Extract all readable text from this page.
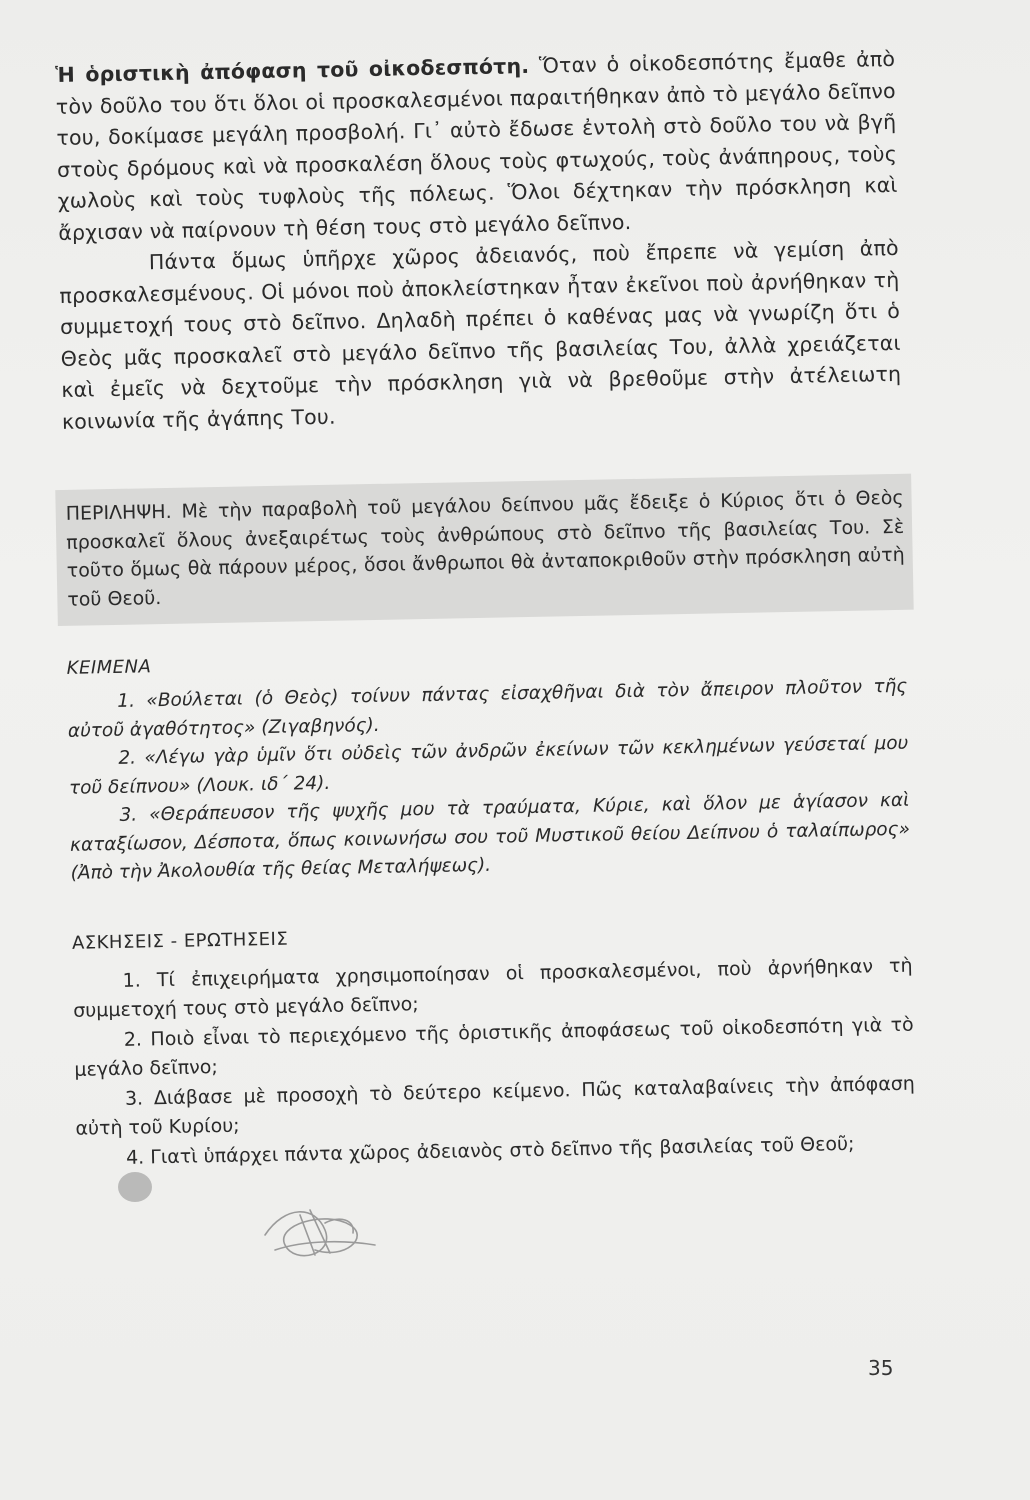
Ἡ ὁριστικὴ ἀπόφαση τοῦ οἰκοδεσπότη. Ὅταν ὁ οἰκοδεσπότης ἔμαθε ἀπὸ τὸν δοῦλο του ὅτι ὅλοι οἱ προσκαλεσμένοι παραιτήθηκαν ἀπὸ τὸ μεγάλο δεῖπνο του, δοκίμασε μεγάλη προσβολή. Γι᾿ αὐτὸ ἔδωσε ἐντολὴ στὸ δοῦλο του νὰ βγῆ στοὺς δρόμους καὶ νὰ προσκαλέση ὅλους τοὺς φτωχούς, τοὺς ἀνάπηρους, τοὺς χωλοὺς καὶ τοὺς τυφλοὺς τῆς πόλεως. Ὅλοι δέχτηκαν τὴν πρόσκληση καὶ ἄρχισαν νὰ παίρνουν τὴ θέση τους στὸ μεγάλο δεῖπνο.

Πάντα ὅμως ὑπῆρχε χῶρος ἀδειανός, ποὺ ἔπρεπε νὰ γεμίση ἀπὸ προσκαλεσμένους. Οἱ μόνοι ποὺ ἀποκλείστηκαν ἦταν ἐκεῖνοι ποὺ ἀρνήθηκαν τὴ συμμετοχή τους στὸ δεῖπνο. Δηλαδὴ πρέπει ὁ καθένας μας νὰ γνωρίζη ὅτι ὁ Θεὸς μᾶς προσκαλεῖ στὸ μεγάλο δεῖπνο τῆς βασιλείας Του, ἀλλὰ χρειάζεται καὶ ἐμεῖς νὰ δεχτοῦμε τὴν πρόσκληση γιὰ νὰ βρεθοῦμε στὴν ἀτέλειωτη κοινωνία τῆς ἀγάπης Του.

ΠΕΡΙΛΗΨΗ. Μὲ τὴν παραβολὴ τοῦ μεγάλου δείπνου μᾶς ἔδειξε ὁ Κύριος ὅτι ὁ Θεὸς προσκαλεῖ ὅλους ἀνεξαιρέτως τοὺς ἀνθρώπους στὸ δεῖπνο τῆς βασιλείας Του. Σὲ τοῦτο ὅμως θὰ πάρουν μέρος, ὅσοι ἄνθρωποι θὰ ἀνταποκριθοῦν στὴν πρόσκληση αὐτὴ τοῦ Θεοῦ.

ΚΕΙΜΕΝΑ

1. «Βούλεται (ὁ Θεὸς) τοίνυν πάντας εἰσαχθῆναι διὰ τὸν ἄπειρον πλοῦτον τῆς αὐτοῦ ἀγαθότητος» (Ζιγαβηνός).

2. «Λέγω γὰρ ὑμῖν ὅτι οὐδεὶς τῶν ἀνδρῶν ἐκείνων τῶν κεκλημένων γεύσεταί μου τοῦ δείπνου» (Λουκ. ιδ΄ 24).

3. «Θεράπευσον τῆς ψυχῆς μου τὰ τραύματα, Κύριε, καὶ ὅλον με ἁγίασον καὶ καταξίωσον, Δέσποτα, ὅπως κοινωνήσω σου τοῦ Μυστικοῦ θείου Δείπνου ὁ ταλαίπωρος» (Ἀπὸ τὴν Ἀκολουθία τῆς θείας Μεταλήψεως).

ΑΣΚΗΣΕΙΣ - ΕΡΩΤΗΣΕΙΣ

1. Τί ἐπιχειρήματα χρησιμοποίησαν οἱ προσκαλεσμένοι, ποὺ ἀρνήθηκαν τὴ συμμετοχή τους στὸ μεγάλο δεῖπνο;

2. Ποιὸ εἶναι τὸ περιεχόμενο τῆς ὁριστικῆς ἀποφάσεως τοῦ οἰκοδεσπότη γιὰ τὸ μεγάλο δεῖπνο;

3. Διάβασε μὲ προσοχὴ τὸ δεύτερο κείμενο. Πῶς καταλαβαίνεις τὴν ἀπόφαση αὐτὴ τοῦ Κυρίου;

4. Γιατὶ ὑπάρχει πάντα χῶρος ἀδειανὸς στὸ δεῖπνο τῆς βασιλείας τοῦ Θεοῦ;

35
